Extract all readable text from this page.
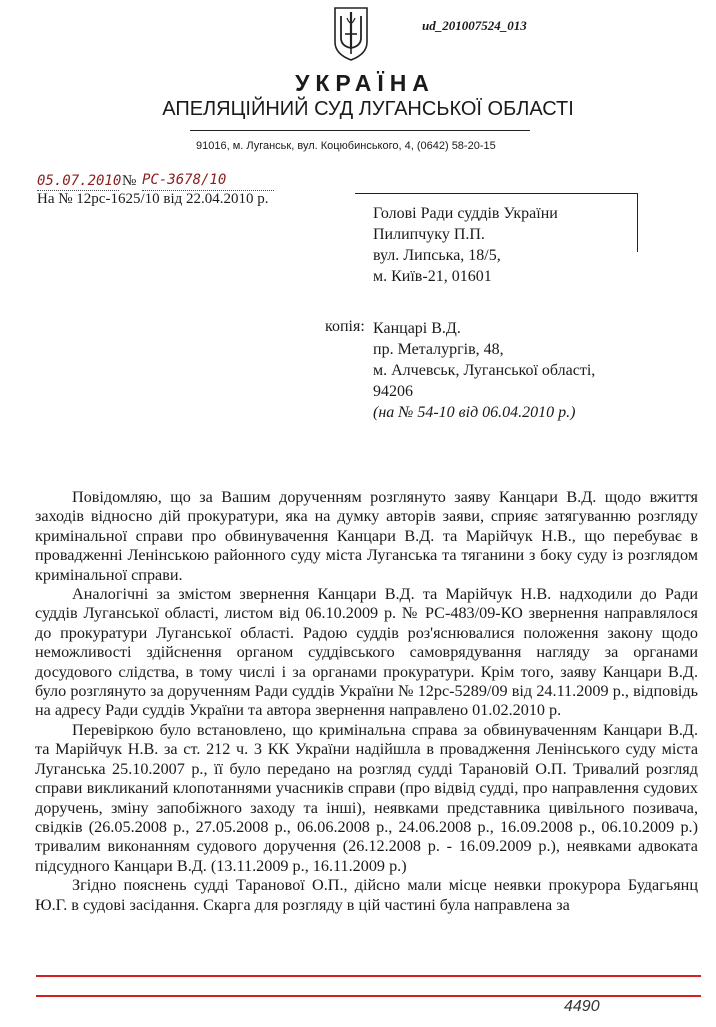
ud_201007524_013
УКРАЇНА
АПЕЛЯЦІЙНИЙ СУД ЛУГАНСЬКОЇ ОБЛАСТІ
91016, м. Луганськ, вул. Коцюбинського, 4, (0642) 58-20-15
05.07.2010 № РС-3678/10
На № 12рс-1625/10 від 22.04.2010 р.
Голові Ради суддів України
Пилипчуку П.П.
вул. Липська, 18/5,
м. Київ-21, 01601
копія: Канцарі В.Д.
пр. Металургів, 48,
м. Алчевськ, Луганської області,
94206
(на № 54-10 від 06.04.2010 р.)

Повідомляю, що за Вашим дорученням розглянуто заяву Канцари В.Д. щодо вжиття заходів відносно дій прокуратури, яка на думку авторів заяви, сприяє затягуванню розгляду кримінальної справи про обвинувачення Канцари В.Д. та Марійчук Н.В., що перебуває в провадженні Ленінською районного суду міста Луганська та тяганини з боку суду із розглядом кримінальної справи.

Аналогічні за змістом звернення Канцари В.Д. та Марійчук Н.В. надходили до Ради суддів Луганської області, листом від 06.10.2009 р. № РС-483/09-КО звернення направлялося до прокуратури Луганської області. Радою суддів роз'яснювалися положення закону щодо неможливості здійснення органом суддівського самоврядування нагляду за органами досудового слідства, в тому числі і за органами прокуратури. Крім того, заяву Канцари В.Д. було розглянуто за дорученням Ради суддів України № 12рс-5289/09 від 24.11.2009 р., відповідь на адресу Ради суддів України та автора звернення направлено 01.02.2010 р.

Перевіркою було встановлено, що кримінальна справа за обвинуваченням Канцари В.Д. та Марійчук Н.В. за ст. 212 ч. 3 КК України надійшла в провадження Ленінського суду міста Луганська 25.10.2007 р., її було передано на розгляд судді Тарановій О.П. Тривалий розгляд справи викликаний клопотаннями учасників справи (про відвід судді, про направлення судових доручень, зміну запобіжного заходу та інші), неявками представника цивільного позивача, свідків (26.05.2008 р., 27.05.2008 р., 06.06.2008 р., 24.06.2008 р., 16.09.2008 р., 06.10.2009 р.) тривалим виконанням судового доручення (26.12.2008 р. - 16.09.2009 р.), неявками адвоката підсудного Канцари В.Д. (13.11.2009 р., 16.11.2009 р.)

Згідно пояснень судді Таранової О.П., дійсно мали місце неявки прокурора Будагьянц Ю.Г. в судові засідання. Скарга для розгляду в цій частині була направлена за

4490
